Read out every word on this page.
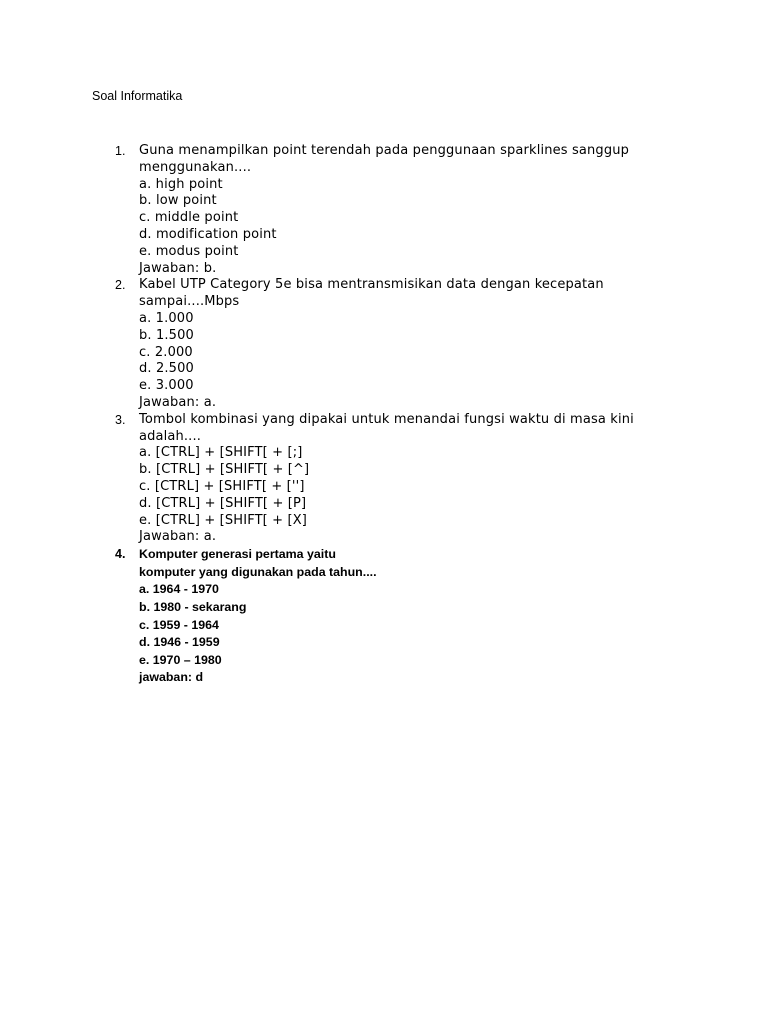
Soal Informatika
1. Guna menampilkan point terendah pada penggunaan sparklines sanggup
menggunakan....
a. high point
b. low point
c. middle point
d. modification point
e. modus point
Jawaban: b.
2. Kabel UTP Category 5e bisa mentransmisikan data dengan kecepatan
sampai....Mbps
a. 1.000
b. 1.500
c. 2.000
d. 2.500
e. 3.000
Jawaban: a.
3. Tombol kombinasi yang dipakai untuk menandai fungsi waktu di masa kini
adalah....
a. [CTRL] + [SHIFT[ + [;]
b. [CTRL] + [SHIFT[ + [^]
c. [CTRL] + [SHIFT[ + ['']
d. [CTRL] + [SHIFT[ + [P]
e. [CTRL] + [SHIFT[ + [X]
Jawaban: a.
4. Komputer generasi pertama yaitu
komputer yang digunakan pada tahun....
a. 1964 - 1970
b. 1980 - sekarang
c. 1959 - 1964
d. 1946 - 1959
e. 1970 – 1980
jawaban: d
